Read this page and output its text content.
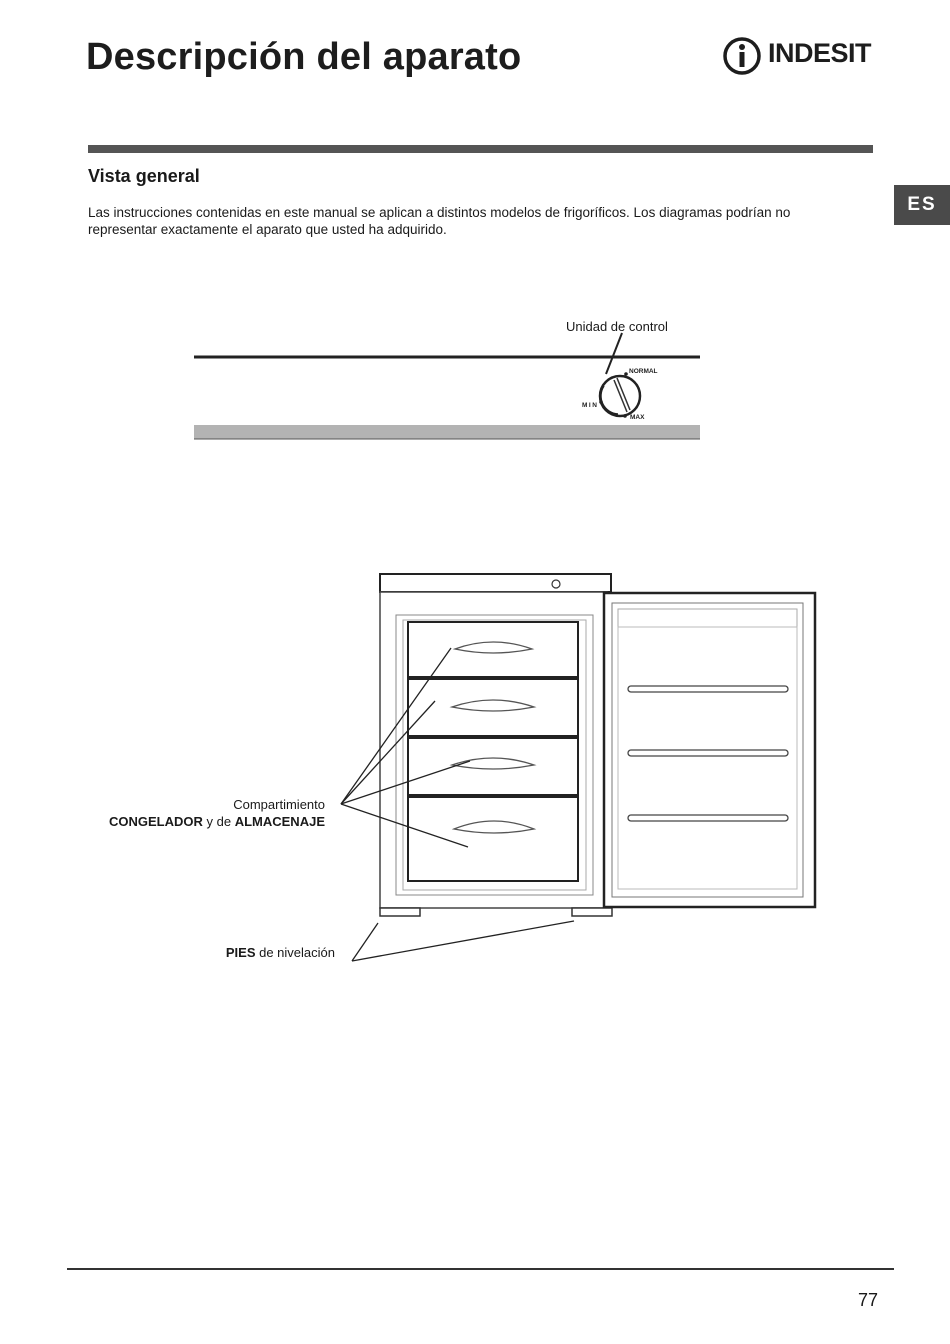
Descripción del aparato	INDESIT
ES
Vista general

Las instrucciones contenidas en este manual se aplican a distintos modelos de frigoríficos. Los diagramas podrían no representar exactamente el aparato que usted ha adquirido.

Unidad de control
NORMAL
MIN
MAX
Compartimiento
CONGELADOR y de ALMACENAJE
PIES de nivelación
77
